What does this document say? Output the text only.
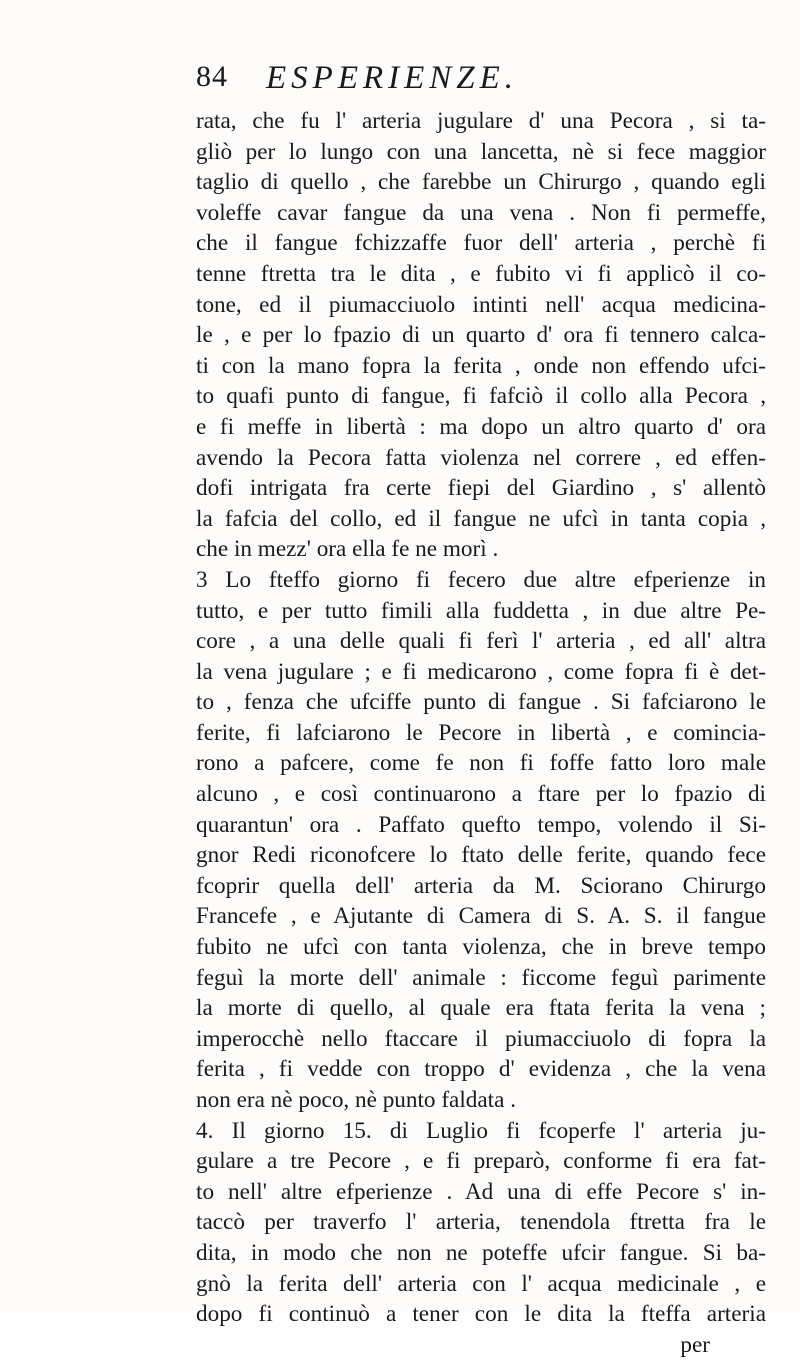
84 ESPERIENZE.
rata, che fu l' arteria jugulare d' una Pecora , si ta-
gliò per lo lungo con una lancetta, nè si fece maggior
taglio di quello , che farebbe un Chirurgo , quando egli
voleffe cavar fangue da una vena . Non fi permeffe,
che il fangue fchizzaffe fuor dell' arteria , perchè fi
tenne ftretta tra le dita , e fubito vi fi applicò il co-
tone, ed il piumacciuolo intinti nell' acqua medicina-
le , e per lo fpazio di un quarto d' ora fi tennero calca-
ti con la mano fopra la ferita , onde non effendo ufci-
to quafi punto di fangue, fi fafciò il collo alla Pecora ,
e fi meffe in libertà : ma dopo un altro quarto d' ora
avendo la Pecora fatta violenza nel correre , ed effen-
dofi intrigata fra certe fiepi del Giardino , s' allentò
la fafcia del collo, ed il fangue ne ufcì in tanta copia ,
che in mezz' ora ella fe ne morì .
3 Lo fteffo giorno fi fecero due altre efperienze in
tutto, e per tutto fimili alla fuddetta , in due altre Pe-
core , a una delle quali fi ferì l' arteria , ed all' altra
la vena jugulare ; e fi medicarono , come fopra fi è det-
to , fenza che ufciffe punto di fangue . Si fafciarono le
ferite, fi lafciarono le Pecore in libertà , e comincia-
rono a pafcere, come fe non fi foffe fatto loro male
alcuno , e così continuarono a ftare per lo fpazio di
quarantun' ora . Paffato quefto tempo, volendo il Si-
gnor Redi riconofcere lo ftato delle ferite, quando fece
fcoprir quella dell' arteria da M. Sciorano Chirurgo
Francefe , e Ajutante di Camera di S. A. S. il fangue
fubito ne ufcì con tanta violenza, che in breve tempo
feguì la morte dell' animale : ficcome feguì parimente
la morte di quello, al quale era ftata ferita la vena ;
imperocchè nello ftaccare il piumacciuolo di fopra la
ferita , fi vedde con troppo d' evidenza , che la vena
non era nè poco, nè punto faldata .
4. Il giorno 15. di Luglio fi fcoperfe l' arteria ju-
gulare a tre Pecore , e fi preparò, conforme fi era fat-
to nell' altre efperienze . Ad una di effe Pecore s' in-
taccò per traverfo l' arteria, tenendola ftretta fra le
dita, in modo che non ne poteffe ufcir fangue. Si ba-
gnò la ferita dell' arteria con l' acqua medicinale , e
dopo fi continuò a tener con le dita la fteffa arteria
per
